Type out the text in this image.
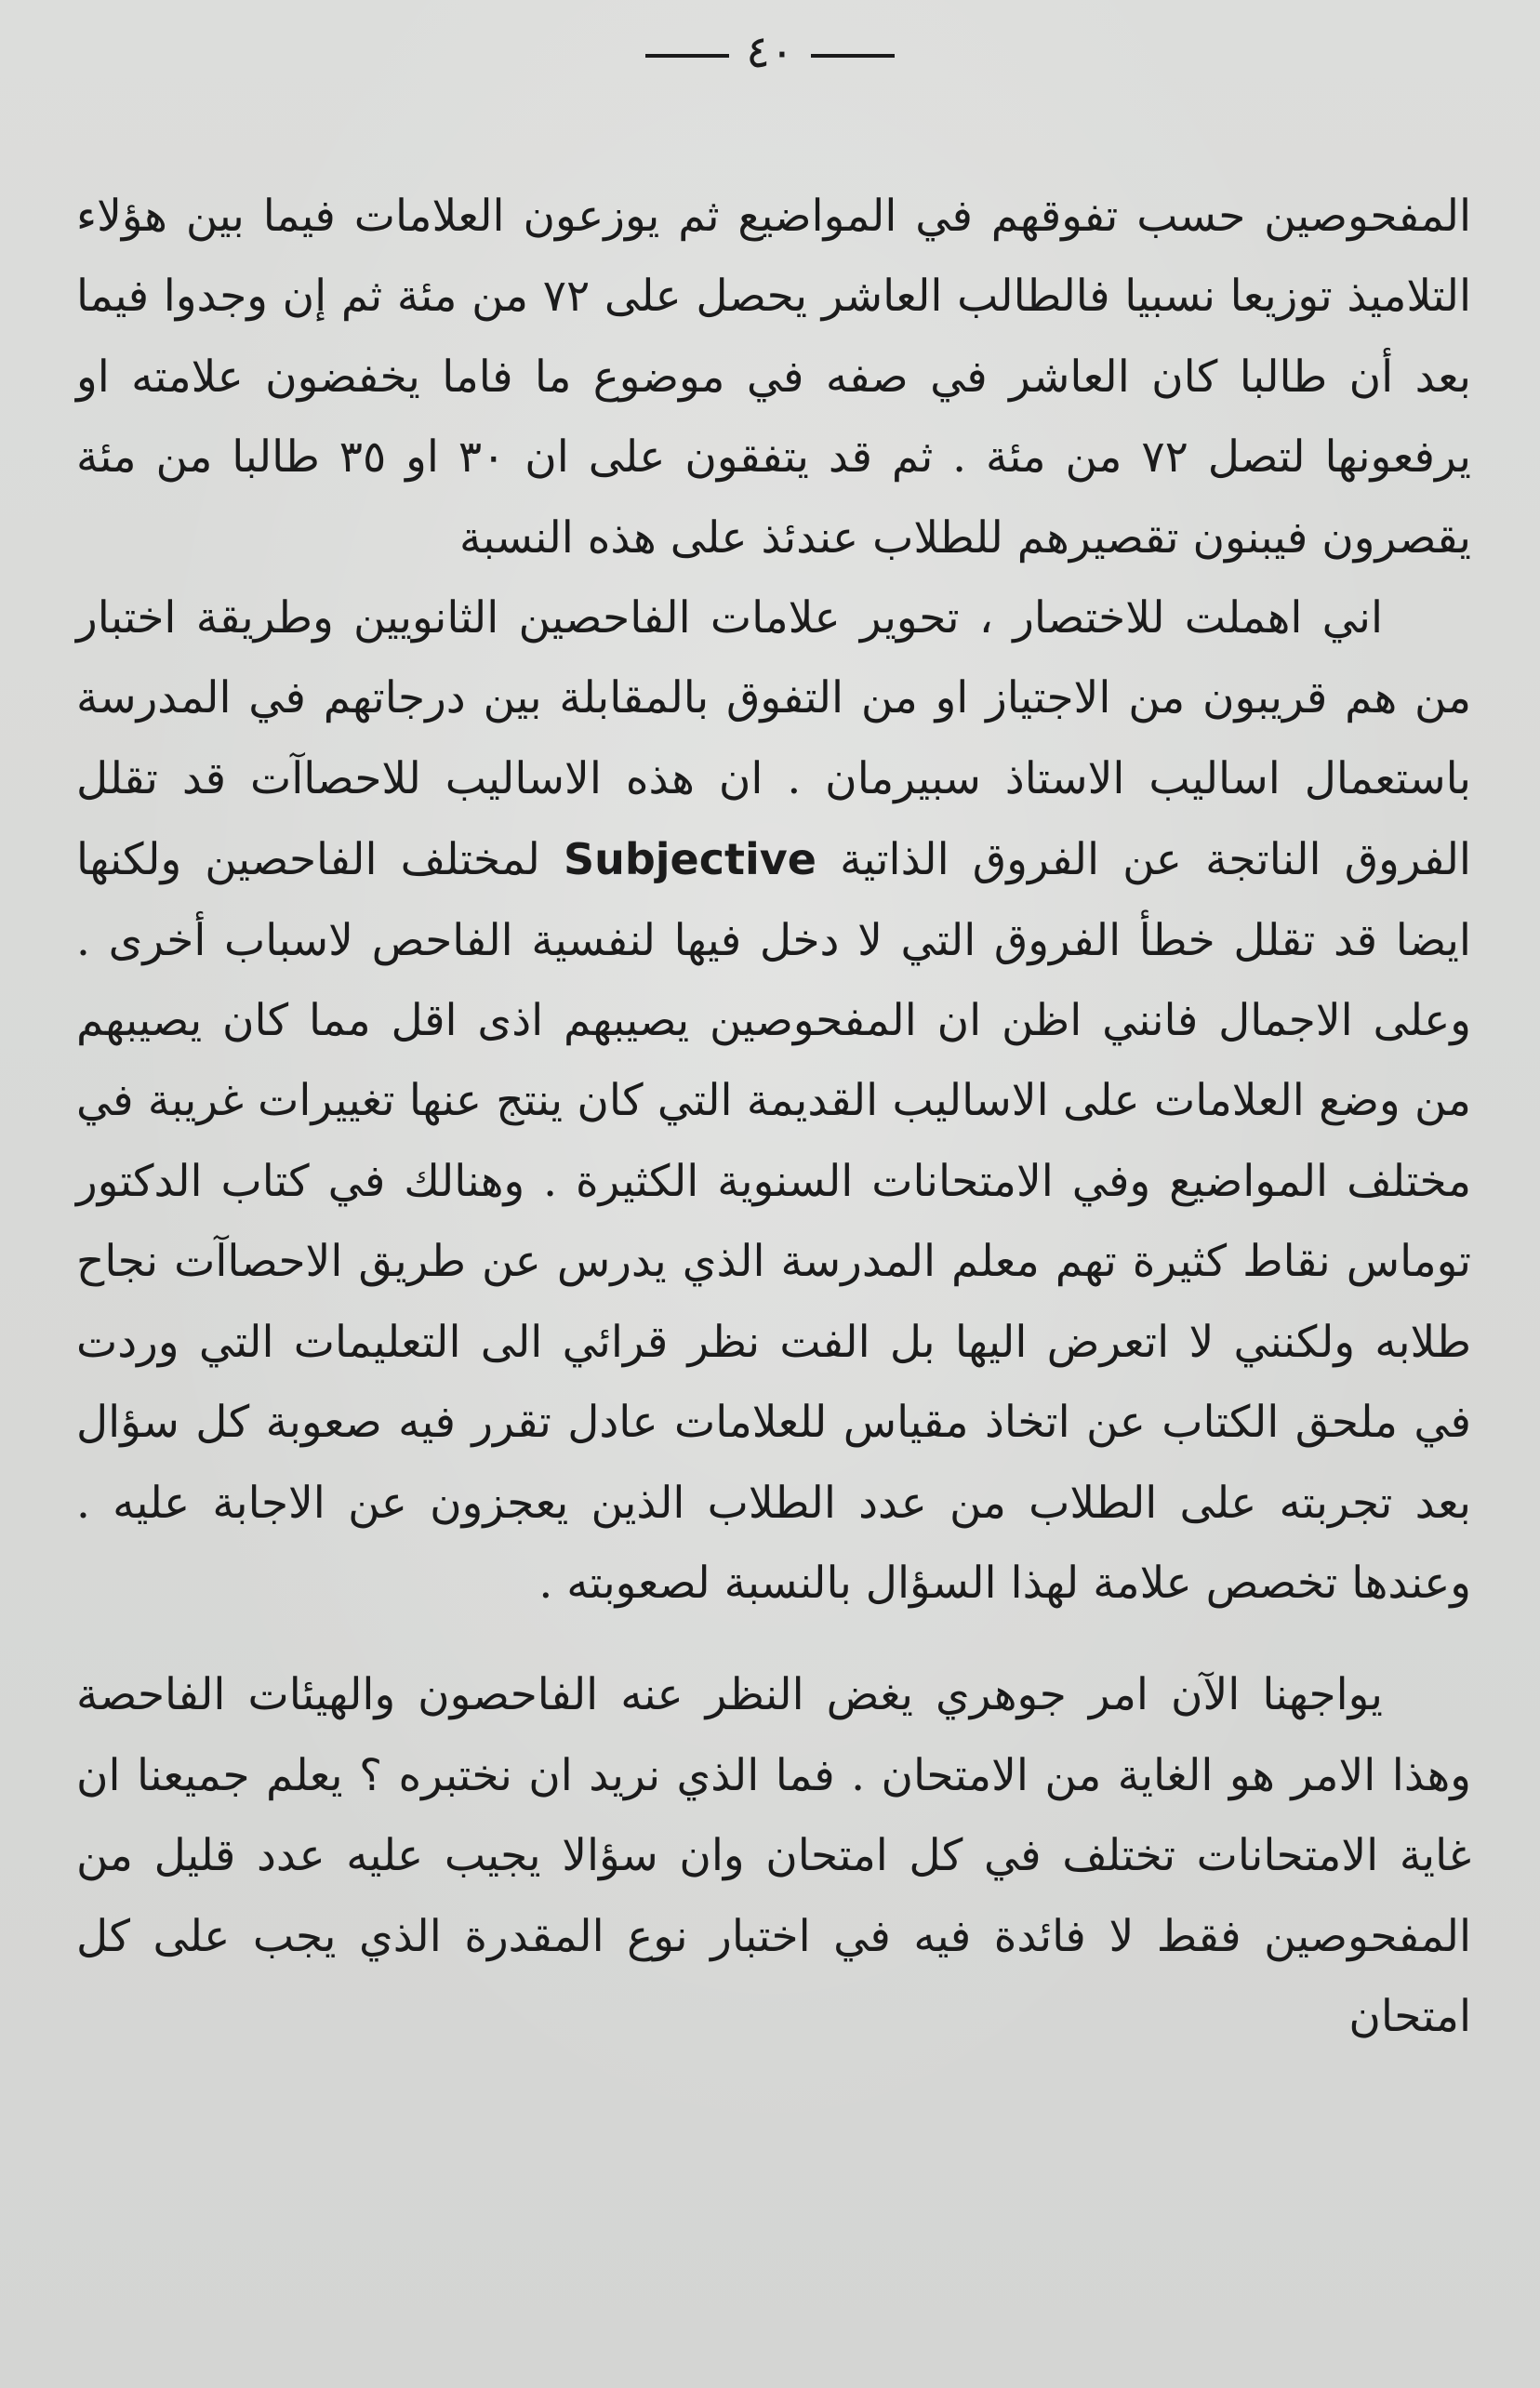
٤٠

المفحوصين حسب تفوقهم في المواضيع ثم يوزعون العلامات فيما بين هؤلاء التلاميذ توزيعا نسبيا فالطالب العاشر يحصل على ٧٢ من مئة ثم إن وجدوا فيما بعد أن طالبا كان العاشر في صفه في موضوع ما فاما يخفضون علامته او يرفعونها لتصل ٧٢ من مئة . ثم قد يتفقون على ان ٣٠ او ٣٥ طالبا من مئة يقصرون فيبنون تقصيرهم للطلاب عندئذ على هذه النسبة

اني اهملت للاختصار ، تحوير علامات الفاحصين الثانويين وطريقة اختبار من هم قريبون من الاجتياز او من التفوق بالمقابلة بين درجاتهم في المدرسة باستعمال اساليب الاستاذ سبيرمان . ان هذه الاساليب للاحصاآت قد تقلل الفروق الناتجة عن الفروق الذاتية Subjective لمختلف الفاحصين ولكنها ايضا قد تقلل خطأ الفروق التي لا دخل فيها لنفسية الفاحص لاسباب أخرى . وعلى الاجمال فانني اظن ان المفحوصين يصيبهم اذى اقل مما كان يصيبهم من وضع العلامات على الاساليب القديمة التي كان ينتج عنها تغييرات غريبة في مختلف المواضيع وفي الامتحانات السنوية الكثيرة . وهنالك في كتاب الدكتور توماس نقاط كثيرة تهم معلم المدرسة الذي يدرس عن طريق الاحصاآت نجاح طلابه ولكنني لا اتعرض اليها بل الفت نظر قرائي الى التعليمات التي وردت في ملحق الكتاب عن اتخاذ مقياس للعلامات عادل تقرر فيه صعوبة كل سؤال بعد تجربته على الطلاب من عدد الطلاب الذين يعجزون عن الاجابة عليه . وعندها تخصص علامة لهذا السؤال بالنسبة لصعوبته .

يواجهنا الآن امر جوهري يغض النظر عنه الفاحصون والهيئات الفاحصة وهذا الامر هو الغاية من الامتحان . فما الذي نريد ان نختبره ؟ يعلم جميعنا ان غاية الامتحانات تختلف في كل امتحان وان سؤالا يجيب عليه عدد قليل من المفحوصين فقط لا فائدة فيه في اختبار نوع المقدرة الذي يجب على كل امتحان
